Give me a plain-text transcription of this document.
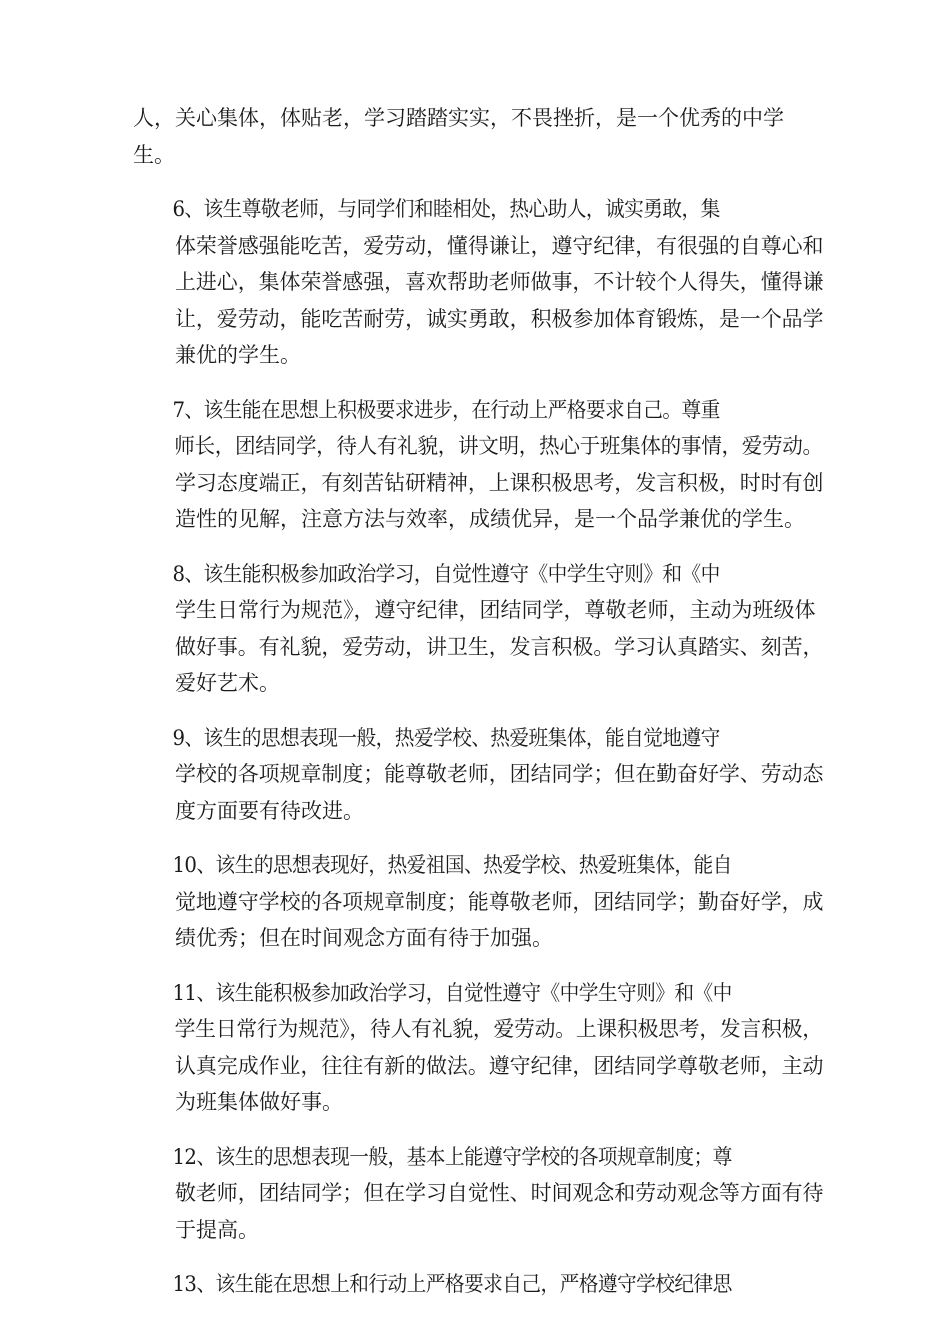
人，关心集体，体贴老，学习踏踏实实，不畏挫折，是一个优秀的中学
生。

6、该生尊敬老师，与同学们和睦相处，热心助人，诚实勇敢，集
体荣誉感强能吃苦，爱劳动，懂得谦让，遵守纪律，有很强的自尊心和
上进心，集体荣誉感强，喜欢帮助老师做事，不计较个人得失，懂得谦
让，爱劳动，能吃苦耐劳，诚实勇敢，积极参加体育锻炼，是一个品学
兼优的学生。

7、该生能在思想上积极要求进步，在行动上严格要求自己。尊重
师长，团结同学，待人有礼貌，讲文明，热心于班集体的事情，爱劳动。
学习态度端正，有刻苦钻研精神，上课积极思考，发言积极，时时有创
造性的见解，注意方法与效率，成绩优异，是一个品学兼优的学生。

8、该生能积极参加政治学习，自觉性遵守《中学生守则》和《中
学生日常行为规范》，遵守纪律，团结同学，尊敬老师，主动为班级体
做好事。有礼貌，爱劳动，讲卫生，发言积极。学习认真踏实、刻苦，
爱好艺术。

9、该生的思想表现一般，热爱学校、热爱班集体，能自觉地遵守
学校的各项规章制度；能尊敬老师，团结同学；但在勤奋好学、劳动态
度方面要有待改进。

10、该生的思想表现好，热爱祖国、热爱学校、热爱班集体，能自
觉地遵守学校的各项规章制度；能尊敬老师，团结同学；勤奋好学，成
绩优秀；但在时间观念方面有待于加强。

11、该生能积极参加政治学习，自觉性遵守《中学生守则》和《中
学生日常行为规范》，待人有礼貌，爱劳动。上课积极思考，发言积极，
认真完成作业，往往有新的做法。遵守纪律，团结同学尊敬老师，主动
为班集体做好事。

12、该生的思想表现一般，基本上能遵守学校的各项规章制度；尊
敬老师，团结同学；但在学习自觉性、时间观念和劳动观念等方面有待
于提高。

13、该生能在思想上和行动上严格要求自己，严格遵守学校纪律思
